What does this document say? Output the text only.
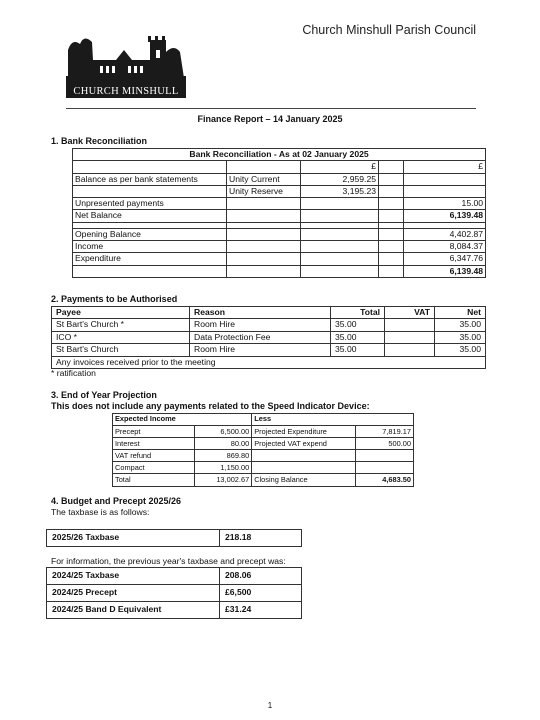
Church Minshull Parish Council
CHURCH MINSHULL
Finance Report – 14 January 2025
1. Bank Reconciliation
Bank Reconciliation - As at 02 January 2025				
		£		£
Balance as per bank statements	Unity Current	2,959.25		
	Unity Reserve	3,195.23		
Unpresented payments				15.00
Net Balance				6,139.48

Opening Balance				4,402.87
Income				8,084.37
Expenditure				6,347.76
				6,139.48
2. Payments to be Authorised
Payee	Reason	Total	VAT	Net
St Bart's Church *	Room Hire	35.00		35.00
ICO *	Data Protection Fee	35.00		35.00
St Bart's Church	Room Hire	35.00		35.00
Any invoices received prior to the meeting				
* ratification
3. End of Year Projection
This does not include any payments related to the Speed Indicator Device:
Expected Income		Less	
Precept	6,500.00	Projected Expenditure	7,819.17
Interest	80.00	Projected VAT expend	500.00
VAT refund	869.80		
Compact	1,150.00		
Total	13,002.67	Closing Balance	4,683.50
4. Budget and Precept 2025/26
The taxbase is as follows:
2025/26 Taxbase	218.18
For information, the previous year's taxbase and precept was:
2024/25 Taxbase	208.06
2024/25 Precept	£6,500
2024/25 Band D Equivalent	£31.24
1
